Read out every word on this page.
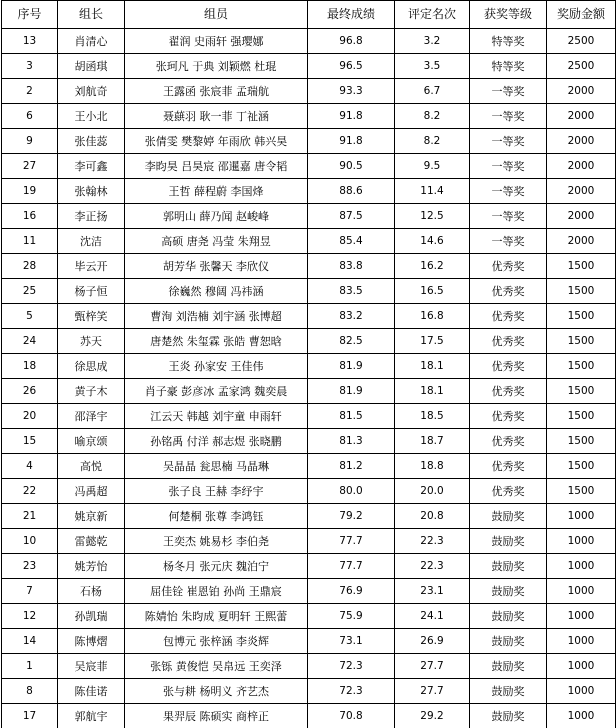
序号	组长	组员	最终成绩	评定名次	获奖等级	奖励金额
13	肖清心	翟润 史雨轩 强璎娜	96.8	3.2	特等奖	2500
3	胡函琪	张珂凡 于典 刘颖燃 杜琨	96.5	3.5	特等奖	2500
2	刘航奇	王露函 张宸菲 孟瑞航	93.3	6.7	一等奖	2000
6	王小北	聂蕻羽 耿一菲 丁祉涵	91.8	8.2	一等奖	2000
9	张佳蕊	张倩雯 樊黎婷 年雨欣 韩兴昊	91.8	8.2	一等奖	2000
27	李可鑫	李昀昊 吕昊宸 邵暹嘉 唐令韬	90.5	9.5	一等奖	2000
19	张翰林	王哲 薛程蔚 李国烽	88.6	11.4	一等奖	2000
16	李正扬	郭明山 薛乃闻 赵峻峰	87.5	12.5	一等奖	2000
11	沈洁	高硕 唐尧 冯莹 朱翔昱	85.4	14.6	一等奖	2000
28	毕云开	胡芳华 张馨天 李欣仪	83.8	16.2	优秀奖	1500
25	杨子恒	徐巍然 穆阔 冯祎涵	83.5	16.5	优秀奖	1500
5	甄梓笑	曹洵 刘浩楠 刘宇涵 张博超	83.2	16.8	优秀奖	1500
24	苏天	唐楚然 朱玺霖 张皓 曹恕晗	82.5	17.5	优秀奖	1500
18	徐思成	王炎 孙家安 王佳伟	81.9	18.1	优秀奖	1500
26	黄子木	肖子豪 彭彦冰 孟家鸿 魏奕晨	81.9	18.1	优秀奖	1500
20	邵泽宇	江云天 韩越 刘宇童 申雨轩	81.5	18.5	优秀奖	1500
15	喻京颂	孙铭禹 付洋 郝志煜 张晓鹏	81.3	18.7	优秀奖	1500
4	高悦	吴晶晶 瓮思楠 马晶琳	81.2	18.8	优秀奖	1500
22	冯禹超	张子良 王赫 李纾宇	80.0	20.0	优秀奖	1500
21	姚京新	何楚桐 张尊 李鸿钰	79.2	20.8	鼓励奖	1000
10	雷懿乾	王奕杰 姚易杉 李伯尧	77.7	22.3	鼓励奖	1000
23	姚芳怡	杨冬月 张元庆 魏泊宁	77.7	22.3	鼓励奖	1000
7	石杨	屈佳铨 崔恩铂 孙尚 王鼎宸	76.9	23.1	鼓励奖	1000
12	孙凯瑞	陈婧怡 朱昀成 夏明轩 王熙蕾	75.9	24.1	鼓励奖	1000
14	陈博熠	包博元 张梓涵 李炎辉	73.1	26.9	鼓励奖	1000
1	吴宸菲	张铄 黄俊恺 吴帛远 王奕泽	72.3	27.7	鼓励奖	1000
8	陈佳诺	张与耕 杨明义 齐艺杰	72.3	27.7	鼓励奖	1000
17	郭航宇	果羿辰 陈硕实 商梓正	70.8	29.2	鼓励奖	1000
